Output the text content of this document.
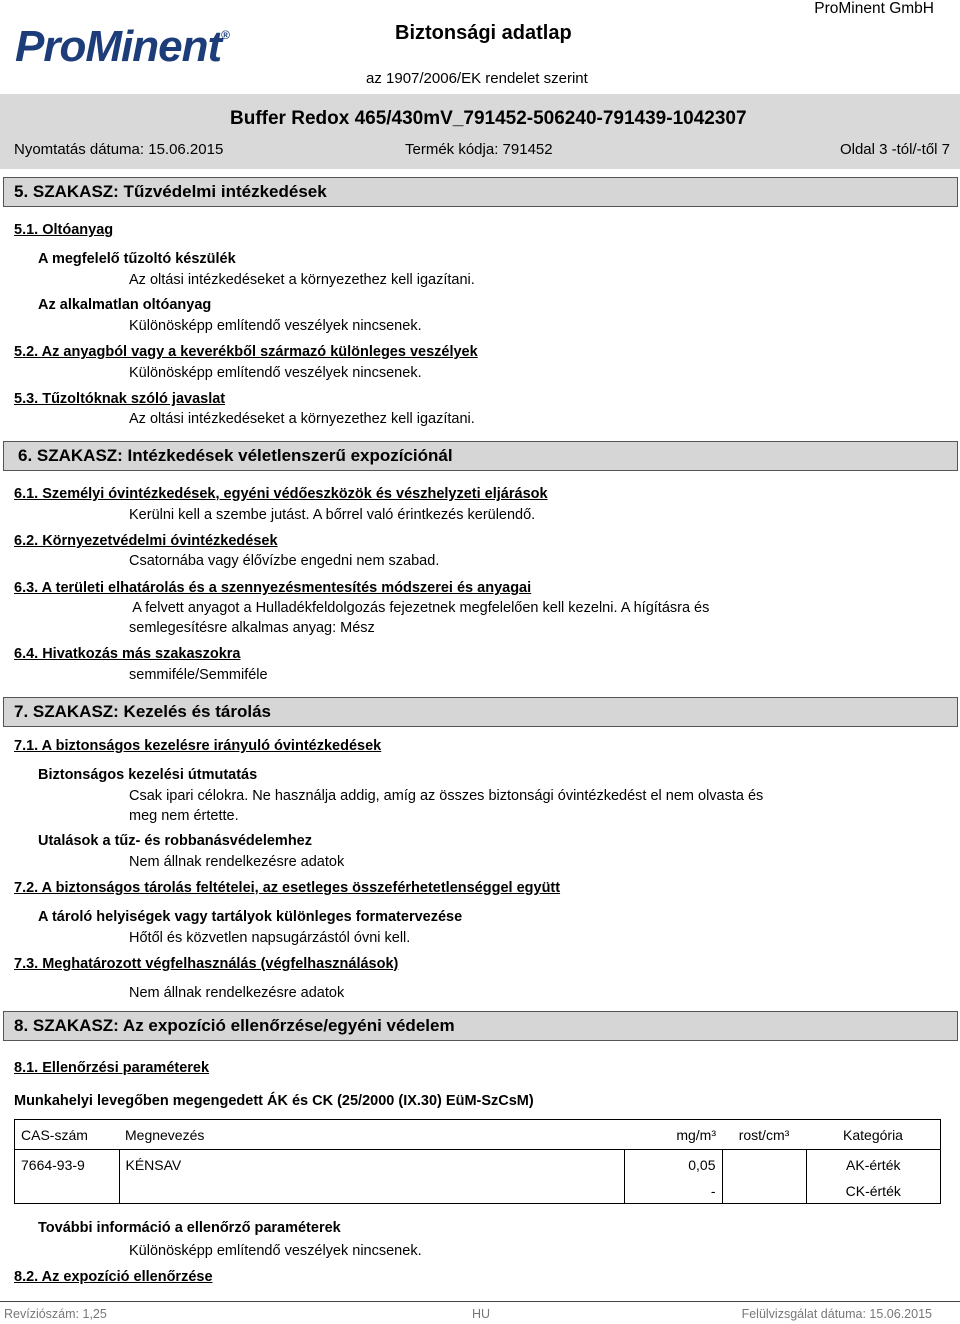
ProMinent®	Biztonsági adatlap
ProMinent GmbH
az 1907/2006/EK rendelet szerint
Buffer Redox 465/430mV_791452-506240-791439-1042307
Nyomtatás dátuma: 15.06.2015	Termék kódja: 791452	Oldal 3 -tól/-től 7
5. SZAKASZ: Tűzvédelmi intézkedések
5.1. Oltóanyag
A megfelelő tűzoltó készülék
Az oltási intézkedéseket a környezethez kell igazítani.
Az alkalmatlan oltóanyag
Különösképp említendő veszélyek nincsenek.
5.2. Az anyagból vagy a keverékből származó különleges veszélyek
Különösképp említendő veszélyek nincsenek.
5.3. Tűzoltóknak szóló javaslat
Az oltási intézkedéseket a környezethez kell igazítani.
6. SZAKASZ: Intézkedések véletlenszerű expozíciónál
6.1. Személyi óvintézkedések, egyéni védőeszközök és vészhelyzeti eljárások
Kerülni kell a szembe jutást. A bőrrel való érintkezés kerülendő.
6.2. Környezetvédelmi óvintézkedések
Csatornába vagy élővízbe engedni nem szabad.
6.3. A területi elhatárolás és a szennyezésmentesítés módszerei és anyagai
A felvett anyagot a Hulladékfeldolgozás fejezetnek megfelelően kell kezelni. A hígításra és
semlegesítésre alkalmas anyag: Mész
6.4. Hivatkozás más szakaszokra
semmiféle/Semmiféle
7. SZAKASZ: Kezelés és tárolás
7.1. A biztonságos kezelésre irányuló óvintézkedések
Biztonságos kezelési útmutatás
Csak ipari célokra. Ne használja addig, amíg az összes biztonsági óvintézkedést el nem olvasta és
meg nem értette.
Utalások a tűz- és robbanásvédelemhez
Nem állnak rendelkezésre adatok
7.2. A biztonságos tárolás feltételei, az esetleges összeférhetetlenséggel együtt
A tároló helyiségek vagy tartályok különleges formatervezése
Hőtől és közvetlen napsugárzástól óvni kell.
7.3. Meghatározott végfelhasználás (végfelhasználások)
Nem állnak rendelkezésre adatok
8. SZAKASZ: Az expozíció ellenőrzése/egyéni védelem
8.1. Ellenőrzési paraméterek
Munkahelyi levegőben megengedett ÁK és CK (25/2000 (IX.30) EüM-SzCsM)
CAS-szám	Megnevezés	mg/m³	rost/cm³	Kategória
7664-93-9	KÉNSAV	0,05		AK-érték
		-		CK-érték
További információ a ellenőrző paraméterek
Különösképp említendő veszélyek nincsenek.
8.2. Az expozíció ellenőrzése
Revíziószám: 1,25	HU	Felülvizsgálat dátuma: 15.06.2015
